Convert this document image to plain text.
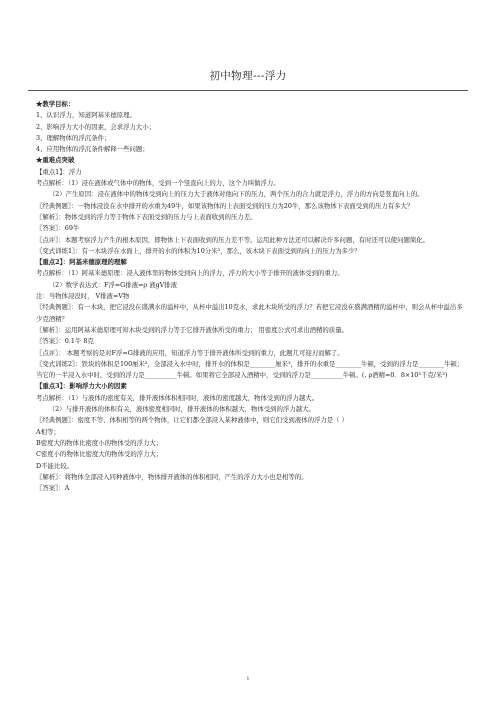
初中物理---浮力

★教学目标：

1、认识浮力，知道阿基米德原理。

2、影响浮力大小的因素，会求浮力大小；

3、理解物体的浮沉条件；

4、应用物体的浮沉条件解释一些问题；

★重难点突破

【重点1】：浮力

考点解析：（1）浸在液体或气体中的物体，受到一个竖直向上的力，这个力叫做浮力。

（2）产生原因：浸在液体中的物体受到向上的压力大于液体对他向下的压力，两个压力的合力就是浮力，浮力的方向是竖直向上的。

〖经典例题〗：一物体浸没在水中排开的水重为49牛，如果该物体的上表面受到的压力为20牛，那么该物体下表面受到的压力有多大？

〖解析〗：物体受到的浮力等于物体下表面受到的压力与上表面收到的压力差。

〖答案〗：69牛

〖点评〗：本题考察浮力产生的根本原因，即物体上下表面收到的压力差不等。运用此种方法还可以解决许多问题，有时还可以使问题简化。

〖变式训练1〗：有一木块浮在水面上，排开的水的体积为10分米³，那么，该木块下表面受到的向上的压力为多少？

【重点2】：阿基米德原理的理解

考点解析：（1）阿基米德原理：浸入液体里的物体受到向上的浮力，浮力的大小等于排开的液体受到的重力。

（2）数学表达式：F浮=G排液=ρ 液gV排液

注：当物体浸没时， V排液=V物

〖经典例题〗：有一木块，把它浸没在盛满水的溢杯中，从杯中溢出10克水，求此木块所受的浮力？若把它浸没在盛满酒精的溢杯中，则会从杯中溢出多少克酒精？

〖解析〗：运用阿基米德原理可知木块受到的浮力等于它排开液体所受的重力； 用密度公式可求出酒精的质量。

〖答案〗：0.1牛 8克

〖点评〗： 本题考察的是对F浮=G排液的应用，知道浮力等于排开液体所受到的重力，此题几可迎刃而解了。

〖变式训练2〗：铁块的体积是100厘米³，全部浸入水中时，排开水的体积是________厘米³，排开的水重是________牛顿，受到的浮力是________牛顿；当它的一半浸入水中时，受到的浮力是__________牛顿。如果将它全部浸入酒精中，受到的浮力是__________牛顿。(. ρ酒精=0．8×10³千克/米³)

【重点3】：影响浮力大小的因素

考点解析：（1）与液体的密度有关，排开液体体积相同时，液体的密度越大，物体受到的浮力越大。

（2）与排开液体的体积有关，液体密度相同时，排开液体的体积越大，物体受到的浮力越大。

〖经典例题〗：密度不等、体积相等的两个物体，让它们都全部浸入某种液体中，则它们受到液体的浮力是（ ）

A相等；

B密度大的物体比密度小的物体受的浮力大；

C密度小的物体比密度大的物体受的浮力大；

D不能比较。

〖解析〗：将物体全部浸入同种液体中，物体排开液体的体积相同，产生的浮力大小也是相等的。

〖答案〗：A

1
